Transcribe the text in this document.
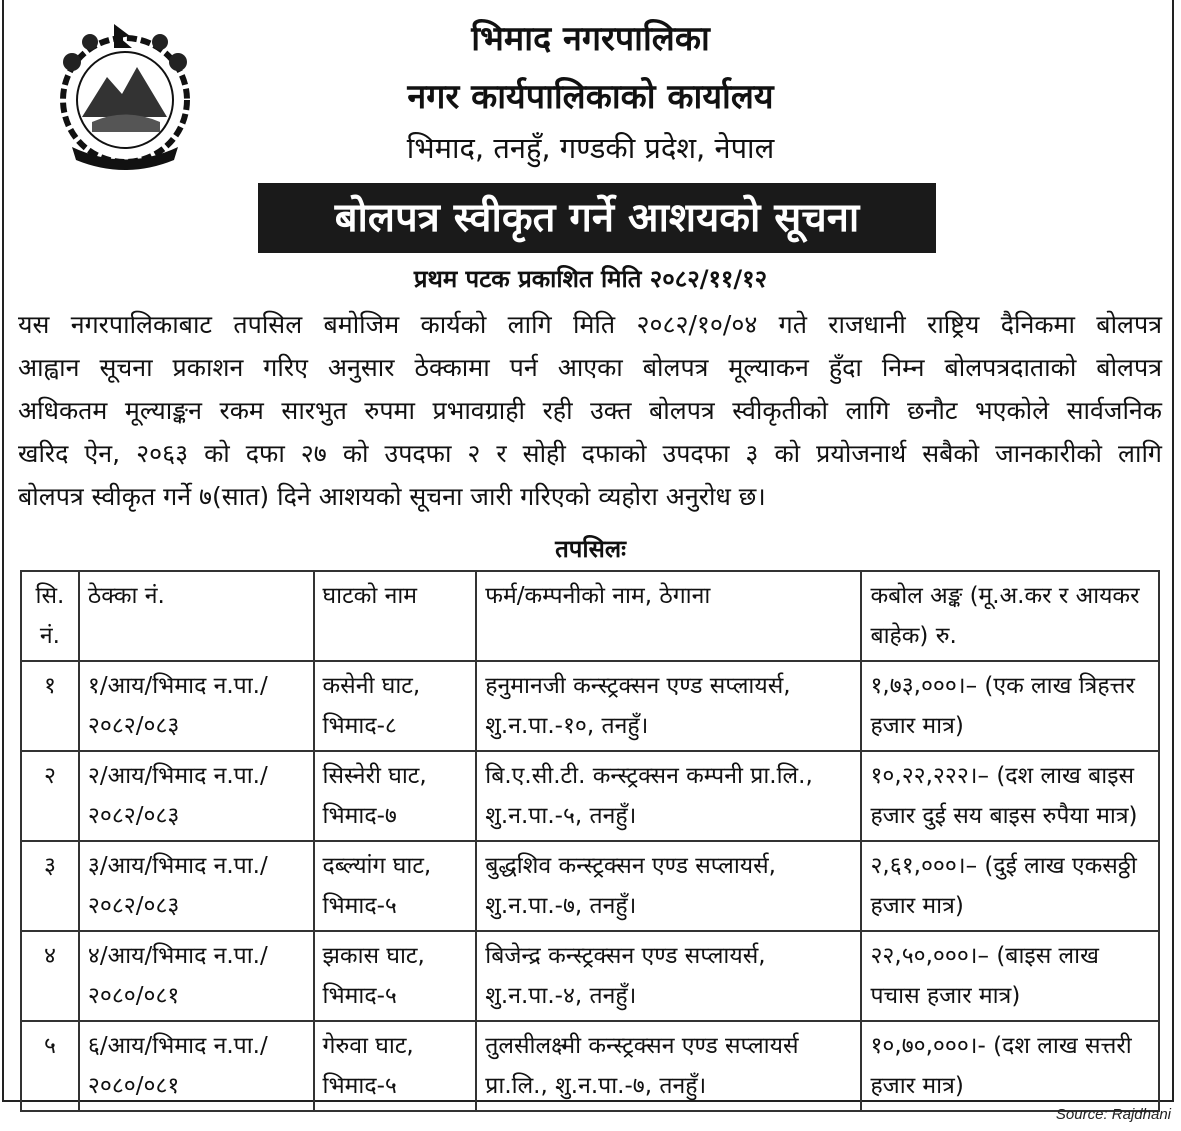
भिमाद नगरपालिका
नगर कार्यपालिकाको कार्यालय
भिमाद, तनहुँ, गण्डकी प्रदेश, नेपाल
बोलपत्र स्वीकृत गर्ने आशयको सूचना
प्रथम पटक प्रकाशित मिति २०८२/११/१२
यस नगरपालिकाबाट तपसिल बमोजिम कार्यको लागि मिति २०८२/१०/०४ गते राजधानी राष्ट्रिय दैनिकमा बोलपत्र
आह्वान सूचना प्रकाशन गरिए अनुसार ठेक्कामा पर्न आएका बोलपत्र मूल्याकन हुँदा निम्न बोलपत्रदाताको बोलपत्र
अधिकतम मूल्याङ्कन रकम सारभुत रुपमा प्रभावग्राही रही उक्त बोलपत्र स्वीकृतीको लागि छनौट भएकोले सार्वजनिक
खरिद ऐन, २०६३ को दफा २७ को उपदफा २ र सोही दफाको उपदफा ३ को प्रयोजनार्थ सबैको जानकारीको लागि
बोलपत्र स्वीकृत गर्ने ७(सात) दिने आशयको सूचना जारी गरिएको व्यहोरा अनुरोध छ।
तपसिलः
सि. नं.	ठेक्का नं.	घाटको नाम	फर्म/कम्पनीको नाम, ठेगाना	कबोल अङ्क (मू.अ.कर र आयकर बाहेक) रु.
१	१/आय/भिमाद न.पा./२०८२/०८३	कसेनी घाट, भिमाद-८	हनुमानजी कन्स्ट्रक्सन एण्ड सप्लायर्स, शु.न.पा.-१०, तनहुँ।	१,७३,०००।– (एक लाख त्रिहत्तर हजार मात्र)
२	२/आय/भिमाद न.पा./२०८२/०८३	सिस्नेरी घाट, भिमाद-७	बि.ए.सी.टी. कन्स्ट्रक्सन कम्पनी प्रा.लि., शु.न.पा.-५, तनहुँ।	१०,२२,२२२।– (दश लाख बाइस हजार दुई सय बाइस रुपैया मात्र)
३	३/आय/भिमाद न.पा./२०८२/०८३	दब्ल्यांग घाट, भिमाद-५	बुद्धशिव कन्स्ट्रक्सन एण्ड सप्लायर्स, शु.न.पा.-७, तनहुँ।	२,६१,०००।– (दुई लाख एकसठ्ठी हजार मात्र)
४	४/आय/भिमाद न.पा./२०८०/०८१	झकास घाट, भिमाद-५	बिजेन्द्र कन्स्ट्रक्सन एण्ड सप्लायर्स, शु.न.पा.-४, तनहुँ।	२२,५०,०००।– (बाइस लाख पचास हजार मात्र)
५	६/आय/भिमाद न.पा./२०८०/०८१	गेरुवा घाट, भिमाद-५	तुलसीलक्ष्मी कन्स्ट्रक्सन एण्ड सप्लायर्स प्रा.लि., शु.न.पा.-७, तनहुँ।	१०,७०,०००।- (दश लाख सत्तरी हजार मात्र)
Source: Rajdhani
